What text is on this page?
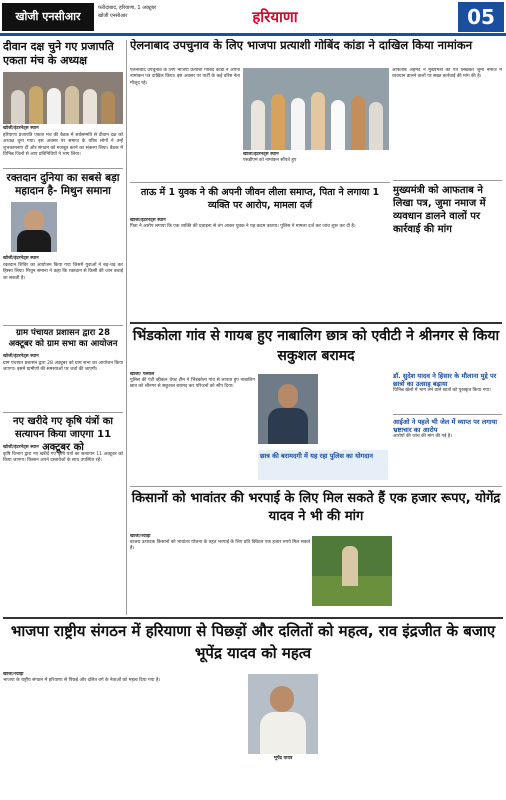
खोजी एनसीआर
फरीदाबाद, हरियाणा, 1 अक्टूबर
खोजी एनसीआर	हरियाणा	05
दीवान दक्ष चुने गए प्रजापति एकता मंच के अध्यक्ष
खोजी/इंटरनेट्स स्थान
हरियाणा प्रजापति एकता मंच की बैठक में सर्वसम्मति से दीवान दक्ष को अध्यक्ष चुना गया। इस अवसर पर समाज के वरिष्ठ लोगों ने उन्हें शुभकामनाएं दीं और संगठन को मजबूत करने का संकल्प लिया। बैठक में विभिन्न जिलों से आए प्रतिनिधियों ने भाग लिया।
रक्तदान दुनिया का सबसे बड़ा महादान है- मिथुन समाना
खोजी/इंटरनेट्स स्थान
रक्तदान शिविर का आयोजन किया गया जिसमें युवाओं ने बढ़-चढ़ कर हिस्सा लिया। मिथुन समाना ने कहा कि रक्तदान से किसी की जान बचाई जा सकती है।
ग्राम पंचायत प्रशासन द्वारा 28 अक्टूबर को ग्राम सभा का आयोजन
खोजी/इंटरनेट्स स्थान
ग्राम पंचायत प्रशासन द्वारा 28 अक्टूबर को ग्राम सभा का आयोजन किया जाएगा। इसमें ग्रामीणों की समस्याओं पर चर्चा की जाएगी।
नए खरीदे गए कृषि यंत्रों का सत्यापन किया जाएगा 11 अक्टूबर को
खोजी/इंटरनेट्स स्थान
कृषि विभाग द्वारा नए खरीदे गए कृषि यंत्रों का सत्यापन 11 अक्टूबर को किया जाएगा। किसान अपने दस्तावेजों के साथ उपस्थित रहें।
ऐलनाबाद उपचुनाव के लिए भाजपा प्रत्याशी गोबिंद कांडा ने दाखिल किया नामांकन
ऐलनाबाद उपचुनाव के लिए भाजपा प्रत्याशी गोबिंद कांडा ने अपना नामांकन पत्र दाखिल किया। इस अवसर पर पार्टी के कई वरिष्ठ नेता मौजूद रहे।
खोजी/इंटरनेट्स स्थान
एसडीएम को नामांकन सौंपते हुए
आफताब अहमद ने मुख्यमंत्री को पत्र लिखकर जुमा नमाज में व्यवधान डालने वालों पर सख्त कार्रवाई की मांग की है।
मुख्यमंत्री को आफताब ने लिखा पत्र, जुमा नमाज में व्यवधान डालने वालों पर कार्रवाई की मांग
ताऊ में 1 युवक ने की अपनी जीवन लीला समाप्त, पिता ने लगाया 1 व्यक्ति पर आरोप, मामला दर्ज
खोजी/इंटरनेट्स स्थान
पिता ने आरोप लगाया कि एक व्यक्ति की प्रताड़ना से तंग आकर युवक ने यह कदम उठाया। पुलिस ने मामला दर्ज कर जांच शुरू कर दी है।
भिंडकोला गांव से गायब हुए नाबालिग छात्र को एवीटी ने श्रीनगर से किया सकुशल बरामद
खोजी/ पलवल
पुलिस की एंटी व्हीकल थेफ्ट टीम ने भिंडकोला गांव से लापता हुए नाबालिग छात्र को श्रीनगर से सकुशल बरामद कर परिजनों को सौंप दिया।
छात्र की बरामदगी में यह रहा पुलिस का योगदान
डॉ. सुदेश यादव ने हिसार के मौलाना मुद्दे पर छात्रों का उत्साह बढ़ाया
विभिन्न खेलों में भाग लेने वाले छात्रों को पुरस्कृत किया गया।
आईओ ने पहले भी जेल में व्याप्त पर लगाया भ्रष्टाचार का आरोप
आरोपों की जांच की मांग की गई है।
किसानों को भावांतर की भरपाई के लिए मिल सकते हैं एक हजार रूपए, योगेंद्र यादव ने भी की मांग
खोजी/रेवाड़ी
बाजरा उत्पादक किसानों को भावांतर योजना के तहत भरपाई के लिए प्रति क्विंटल एक हजार रुपये मिल सकते हैं।
भाजपा राष्ट्रीय संगठन में हरियाणा से पिछड़ों और दलितों को महत्व, राव इंद्रजीत के बजाए भूपेंद्र यादव को महत्व
खोजी/रेवाड़ी
भाजपा के राष्ट्रीय संगठन में हरियाणा से पिछड़े और दलित वर्ग के नेताओं को महत्व दिया गया है।
भूपेंद्र यादव
